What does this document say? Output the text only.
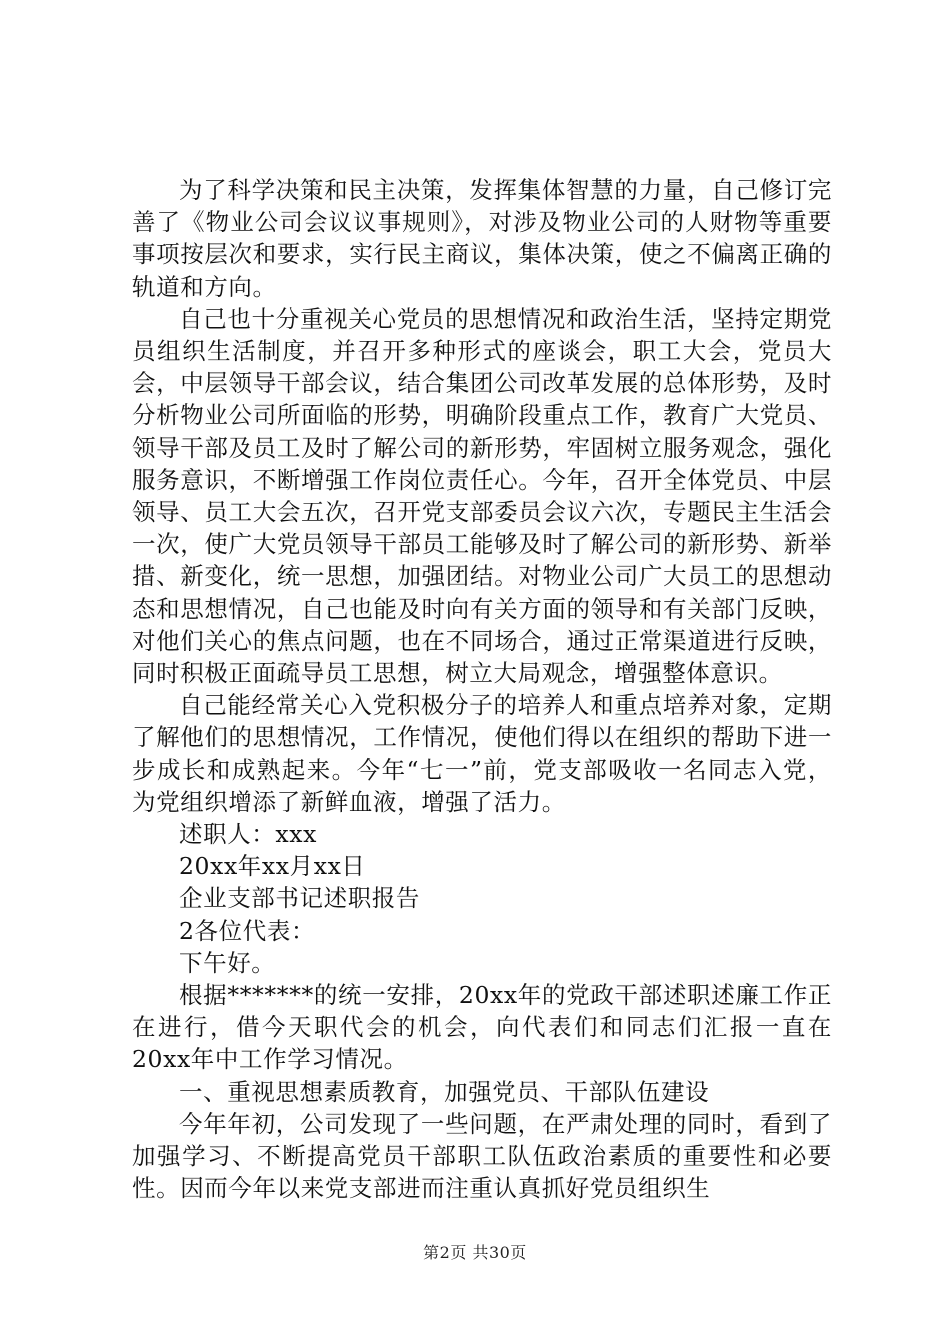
为了科学决策和民主决策，发挥集体智慧的力量，自己修订完善了《物业公司会议议事规则》，对涉及物业公司的人财物等重要事项按层次和要求，实行民主商议，集体决策，使之不偏离正确的轨道和方向。

自己也十分重视关心党员的思想情况和政治生活，坚持定期党员组织生活制度，并召开多种形式的座谈会，职工大会，党员大会，中层领导干部会议，结合集团公司改革发展的总体形势，及时分析物业公司所面临的形势，明确阶段重点工作，教育广大党员、领导干部及员工及时了解公司的新形势，牢固树立服务观念，强化服务意识，不断增强工作岗位责任心。今年，召开全体党员、中层领导、员工大会五次，召开党支部委员会议六次，专题民主生活会一次，使广大党员领导干部员工能够及时了解公司的新形势、新举措、新变化，统一思想，加强团结。对物业公司广大员工的思想动态和思想情况，自己也能及时向有关方面的领导和有关部门反映，对他们关心的焦点问题，也在不同场合，通过正常渠道进行反映，同时积极正面疏导员工思想，树立大局观念，增强整体意识。

自己能经常关心入党积极分子的培养人和重点培养对象，定期了解他们的思想情况，工作情况，使他们得以在组织的帮助下进一步成长和成熟起来。今年“七一”前，党支部吸收一名同志入党，为党组织增添了新鲜血液，增强了活力。

述职人：xxx

20xx年xx月xx日

企业支部书记述职报告

2各位代表：

下午好。

根据*******的统一安排，20xx年的党政干部述职述廉工作正在进行，借今天职代会的机会，向代表们和同志们汇报一直在20xx年中工作学习情况。

一、重视思想素质教育，加强党员、干部队伍建设

今年年初，公司发现了一些问题，在严肃处理的同时，看到了加强学习、不断提高党员干部职工队伍政治素质的重要性和必要性。因而今年以来党支部进而注重认真抓好党员组织生

第2页 共30页
